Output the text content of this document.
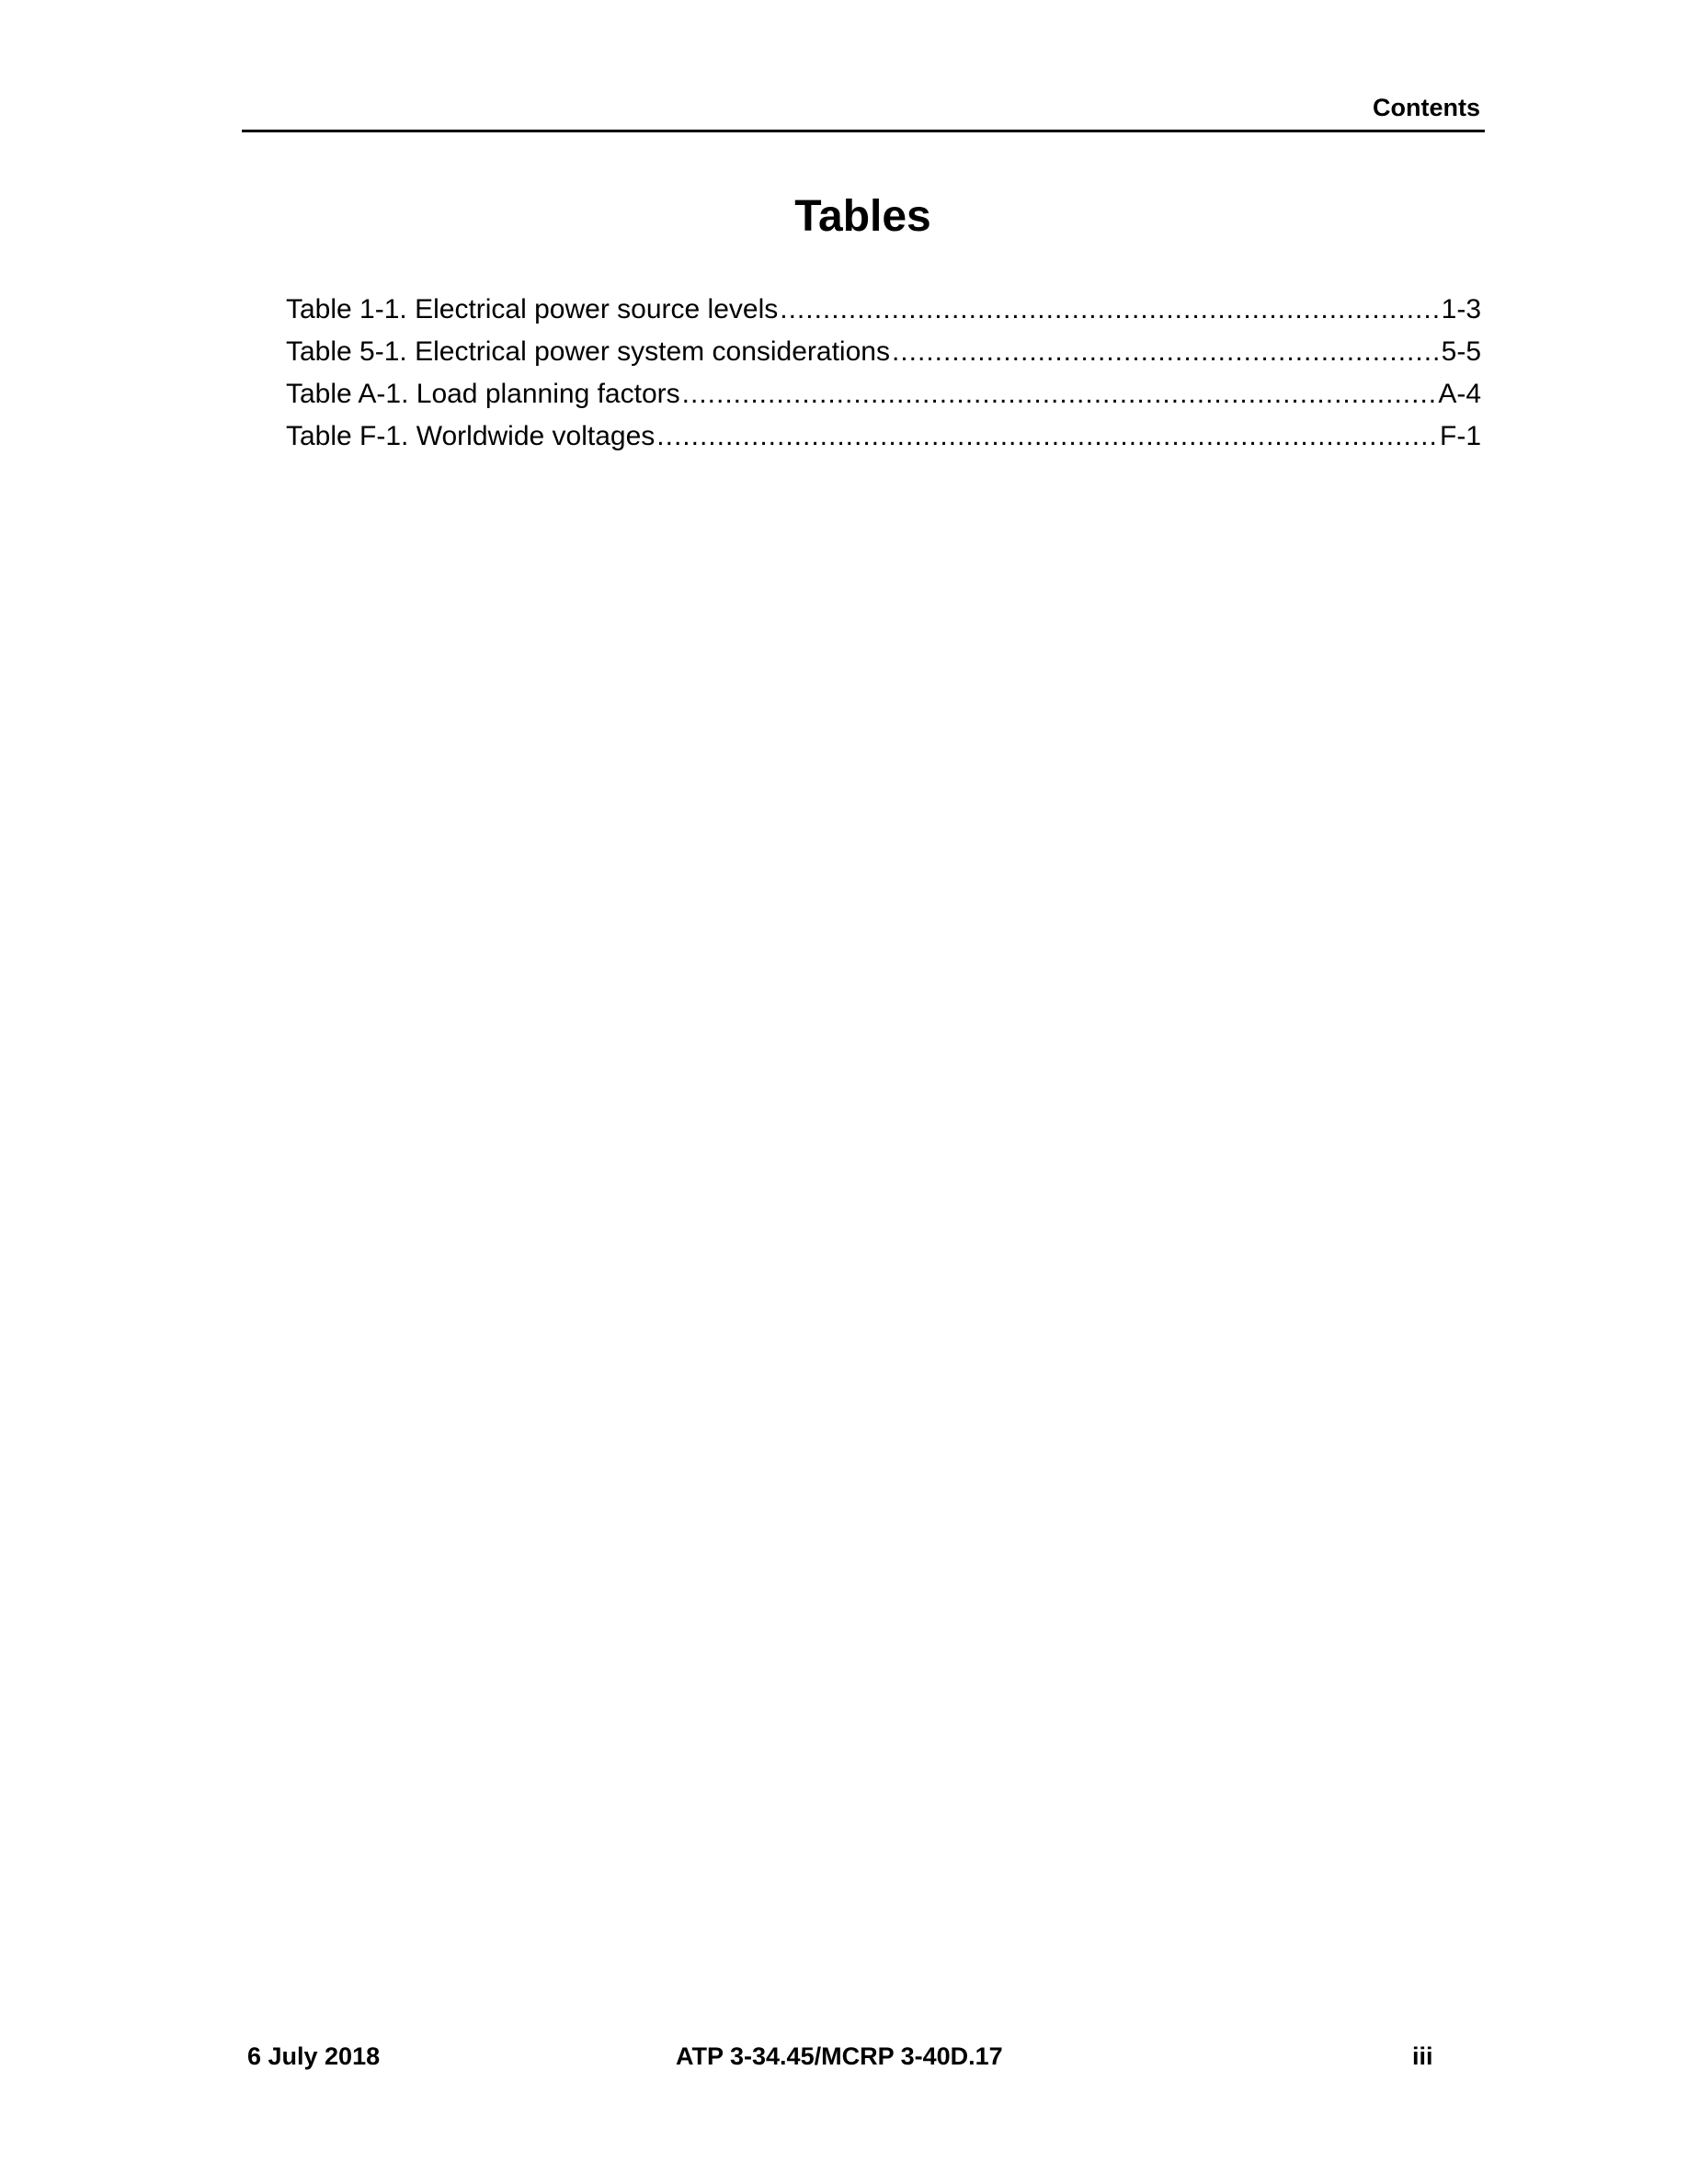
Contents
Tables
Table 1-1. Electrical power source levels .....	1-3
Table 5-1. Electrical power system considerations .....	5-5
Table A-1. Load planning factors .....	A-4
Table F-1. Worldwide voltages .....	F-1
6 July 2018	ATP 3-34.45/MCRP 3-40D.17	iii
